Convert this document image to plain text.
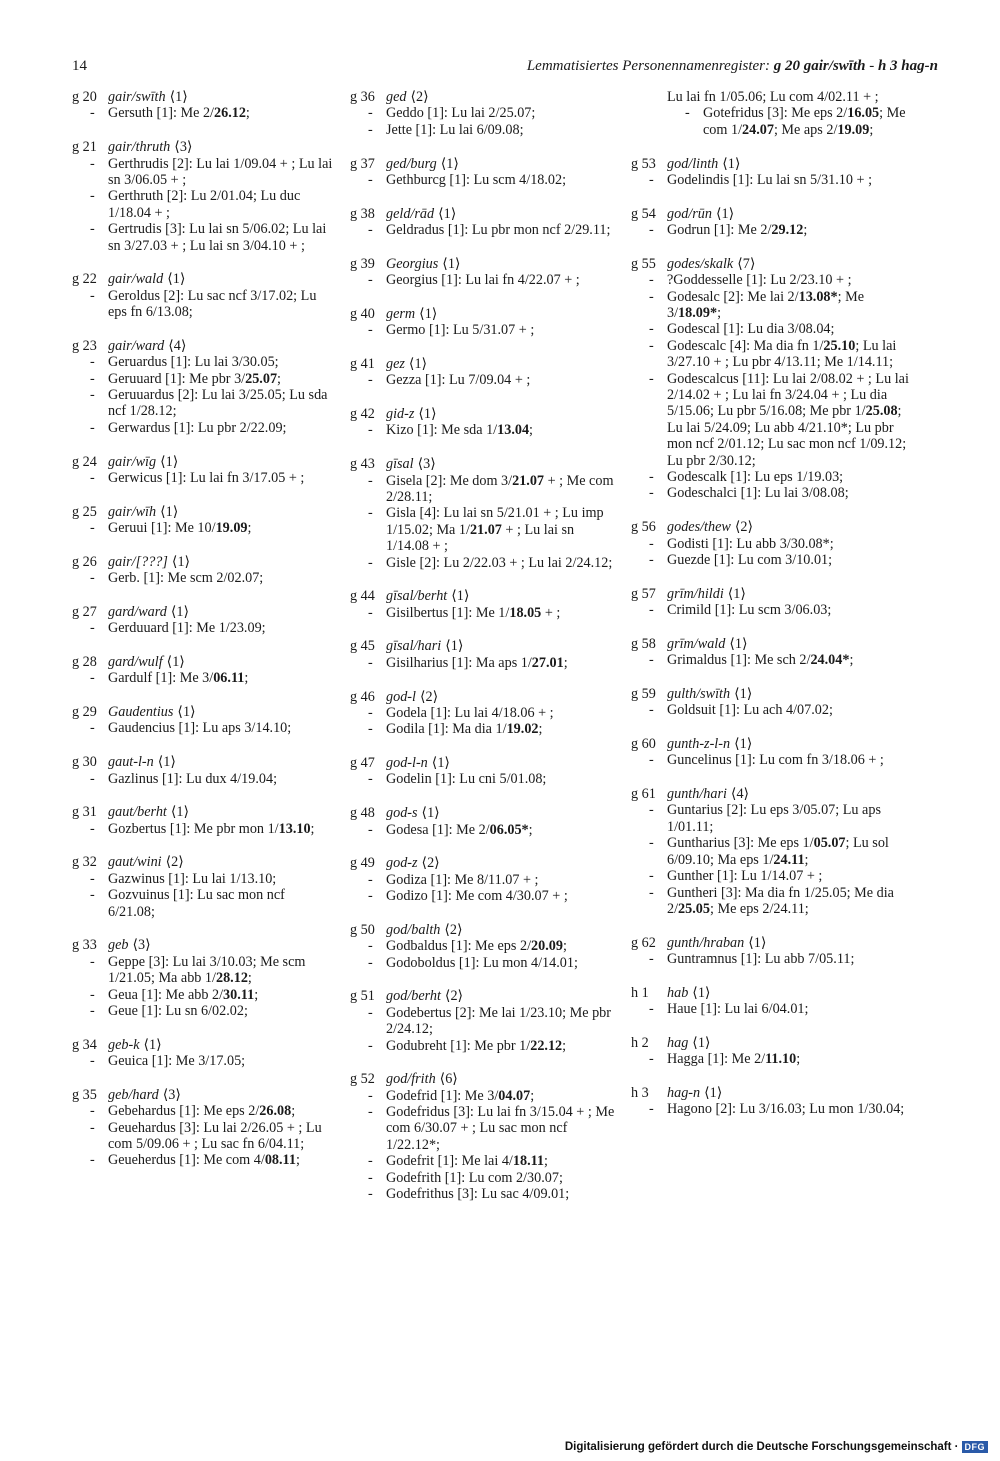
14	Lemmatisiertes Personennamenregister: g 20 gair/swīth - h 3 hag-n
g 20 gair/swīth ⟨1⟩
- Gersuth [1]: Me 2/26.12;
g 21 gair/thruth ⟨3⟩
- Gerthrudis [2]: Lu lai 1/09.04 + ; Lu lai sn 3/06.05 + ;
- Gerthruth [2]: Lu 2/01.04; Lu duc 1/18.04 + ;
- Gertrudis [3]: Lu lai sn 5/06.02; Lu lai sn 3/27.03 + ; Lu lai sn 3/04.10 + ;
g 22 gair/wald ⟨1⟩
- Geroldus [2]: Lu sac ncf 3/17.02; Lu eps fn 6/13.08;
g 23 gair/ward ⟨4⟩
- Geruardus [1]: Lu lai 3/30.05;
- Geruuard [1]: Me pbr 3/25.07;
- Geruuardus [2]: Lu lai 3/25.05; Lu sda ncf 1/28.12;
- Gerwardus [1]: Lu pbr 2/22.09;
g 24 gair/wīg ⟨1⟩
- Gerwicus [1]: Lu lai fn 3/17.05 + ;
g 25 gair/wīh ⟨1⟩
- Geruui [1]: Me 10/19.09;
g 26 gair/[???] ⟨1⟩
- Gerb. [1]: Me scm 2/02.07;
g 27 gard/ward ⟨1⟩
- Gerduuard [1]: Me 1/23.09;
g 28 gard/wulf ⟨1⟩
- Gardulf [1]: Me 3/06.11;
g 29 Gaudentius ⟨1⟩
- Gaudencius [1]: Lu aps 3/14.10;
g 30 gaut-l-n ⟨1⟩
- Gazlinus [1]: Lu dux 4/19.04;
g 31 gaut/berht ⟨1⟩
- Gozbertus [1]: Me pbr mon 1/13.10;
g 32 gaut/wini ⟨2⟩
- Gazwinus [1]: Lu lai 1/13.10;
- Gozvuinus [1]: Lu sac mon ncf 6/21.08;
g 33 geb ⟨3⟩
- Geppe [3]: Lu lai 3/10.03; Me scm 1/21.05; Ma abb 1/28.12;
- Geua [1]: Me abb 2/30.11;
- Geue [1]: Lu sn 6/02.02;
g 34 geb-k ⟨1⟩
- Geuica [1]: Me 3/17.05;
g 35 geb/hard ⟨3⟩
- Gebehardus [1]: Me eps 2/26.08;
- Geuehardus [3]: Lu lai 2/26.05 + ; Lu com 5/09.06 + ; Lu sac fn 6/04.11;
- Geueherdus [1]: Me com 4/08.11;
g 36 ged ⟨2⟩
- Geddo [1]: Lu lai 2/25.07;
- Jette [1]: Lu lai 6/09.08;
g 37 ged/burg ⟨1⟩
- Gethburcg [1]: Lu scm 4/18.02;
g 38 geld/rād ⟨1⟩
- Geldradus [1]: Lu pbr mon ncf 2/29.11;
g 39 Georgius ⟨1⟩
- Georgius [1]: Lu lai fn 4/22.07 + ;
g 40 germ ⟨1⟩
- Germo [1]: Lu 5/31.07 + ;
g 41 gez ⟨1⟩
- Gezza [1]: Lu 7/09.04 + ;
g 42 gid-z ⟨1⟩
- Kizo [1]: Me sda 1/13.04;
g 43 gīsal ⟨3⟩
- Gisela [2]: Me dom 3/21.07 + ; Me com 2/28.11;
- Gisla [4]: Lu lai sn 5/21.01 + ; Lu imp 1/15.02; Ma 1/21.07 + ; Lu lai sn 1/14.08 + ;
- Gisle [2]: Lu 2/22.03 + ; Lu lai 2/24.12;
g 44 gīsal/berht ⟨1⟩
- Gisilbertus [1]: Me 1/18.05 + ;
g 45 gīsal/hari ⟨1⟩
- Gisilharius [1]: Ma aps 1/27.01;
g 46 god-l ⟨2⟩
- Godela [1]: Lu lai 4/18.06 + ;
- Godila [1]: Ma dia 1/19.02;
g 47 god-l-n ⟨1⟩
- Godelin [1]: Lu cni 5/01.08;
g 48 god-s ⟨1⟩
- Godesa [1]: Me 2/06.05*;
g 49 god-z ⟨2⟩
- Godiza [1]: Me 8/11.07 + ;
- Godizo [1]: Me com 4/30.07 + ;
g 50 god/balth ⟨2⟩
- Godbaldus [1]: Me eps 2/20.09;
- Godoboldus [1]: Lu mon 4/14.01;
g 51 god/berht ⟨2⟩
- Godebertus [2]: Me lai 1/23.10; Me pbr 2/24.12;
- Godubreht [1]: Me pbr 1/22.12;
g 52 god/frith ⟨6⟩
- Godefrid [1]: Me 3/04.07;
- Godefridus [3]: Lu lai fn 3/15.04 + ; Me com 6/30.07 + ; Lu sac mon ncf 1/22.12*;
- Godefrit [1]: Me lai 4/18.11;
- Godefrith [1]: Lu com 2/30.07;
- Godefrithus [3]: Lu sac 4/09.01;
Lu lai fn 1/05.06; Lu com 4/02.11 + ;
- Gotefridus [3]: Me eps 2/16.05; Me com 1/24.07; Me aps 2/19.09;
g 53 god/linth ⟨1⟩
- Godelindis [1]: Lu lai sn 5/31.10 + ;
g 54 god/rūn ⟨1⟩
- Godrun [1]: Me 2/29.12;
g 55 godes/skalk ⟨7⟩
- ?Goddesselle [1]: Lu 2/23.10 + ;
- Godesalc [2]: Me lai 2/13.08*; Me 3/18.09*;
- Godescal [1]: Lu dia 3/08.04;
- Godescalc [4]: Ma dia fn 1/25.10; Lu lai 3/27.10 + ; Lu pbr 4/13.11; Me 1/14.11;
- Godescalcus [11]: Lu lai 2/08.02 + ; Lu lai 2/14.02 + ; Lu lai fn 3/24.04 + ; Lu dia 5/15.06; Lu pbr 5/16.08; Me pbr 1/25.08; Lu lai 5/24.09; Lu abb 4/21.10*; Lu pbr mon ncf 2/01.12; Lu sac mon ncf 1/09.12; Lu pbr 2/30.12;
- Godescalk [1]: Lu eps 1/19.03;
- Godeschalci [1]: Lu lai 3/08.08;
g 56 godes/thew ⟨2⟩
- Godisti [1]: Lu abb 3/30.08*;
- Guezde [1]: Lu com 3/10.01;
g 57 grīm/hildi ⟨1⟩
- Crimild [1]: Lu scm 3/06.03;
g 58 grīm/wald ⟨1⟩
- Grimaldus [1]: Me sch 2/24.04*;
g 59 gulth/swīth ⟨1⟩
- Goldsuit [1]: Lu ach 4/07.02;
g 60 gunth-z-l-n ⟨1⟩
- Guncelinus [1]: Lu com fn 3/18.06 + ;
g 61 gunth/hari ⟨4⟩
- Guntarius [2]: Lu eps 3/05.07; Lu aps 1/01.11;
- Guntharius [3]: Me eps 1/05.07; Lu sol 6/09.10; Ma eps 1/24.11;
- Gunther [1]: Lu 1/14.07 + ;
- Guntheri [3]: Ma dia fn 1/25.05; Me dia 2/25.05; Me eps 2/24.11;
g 62 gunth/hraban ⟨1⟩
- Guntramnus [1]: Lu abb 7/05.11;
h 1 hab ⟨1⟩
- Haue [1]: Lu lai 6/04.01;
h 2 hag ⟨1⟩
- Hagga [1]: Me 2/11.10;
h 3 hag-n ⟨1⟩
- Hagono [2]: Lu 3/16.03; Lu mon 1/30.04;
Digitalisierung gefördert durch die Deutsche Forschungsgemeinschaft · DFG
